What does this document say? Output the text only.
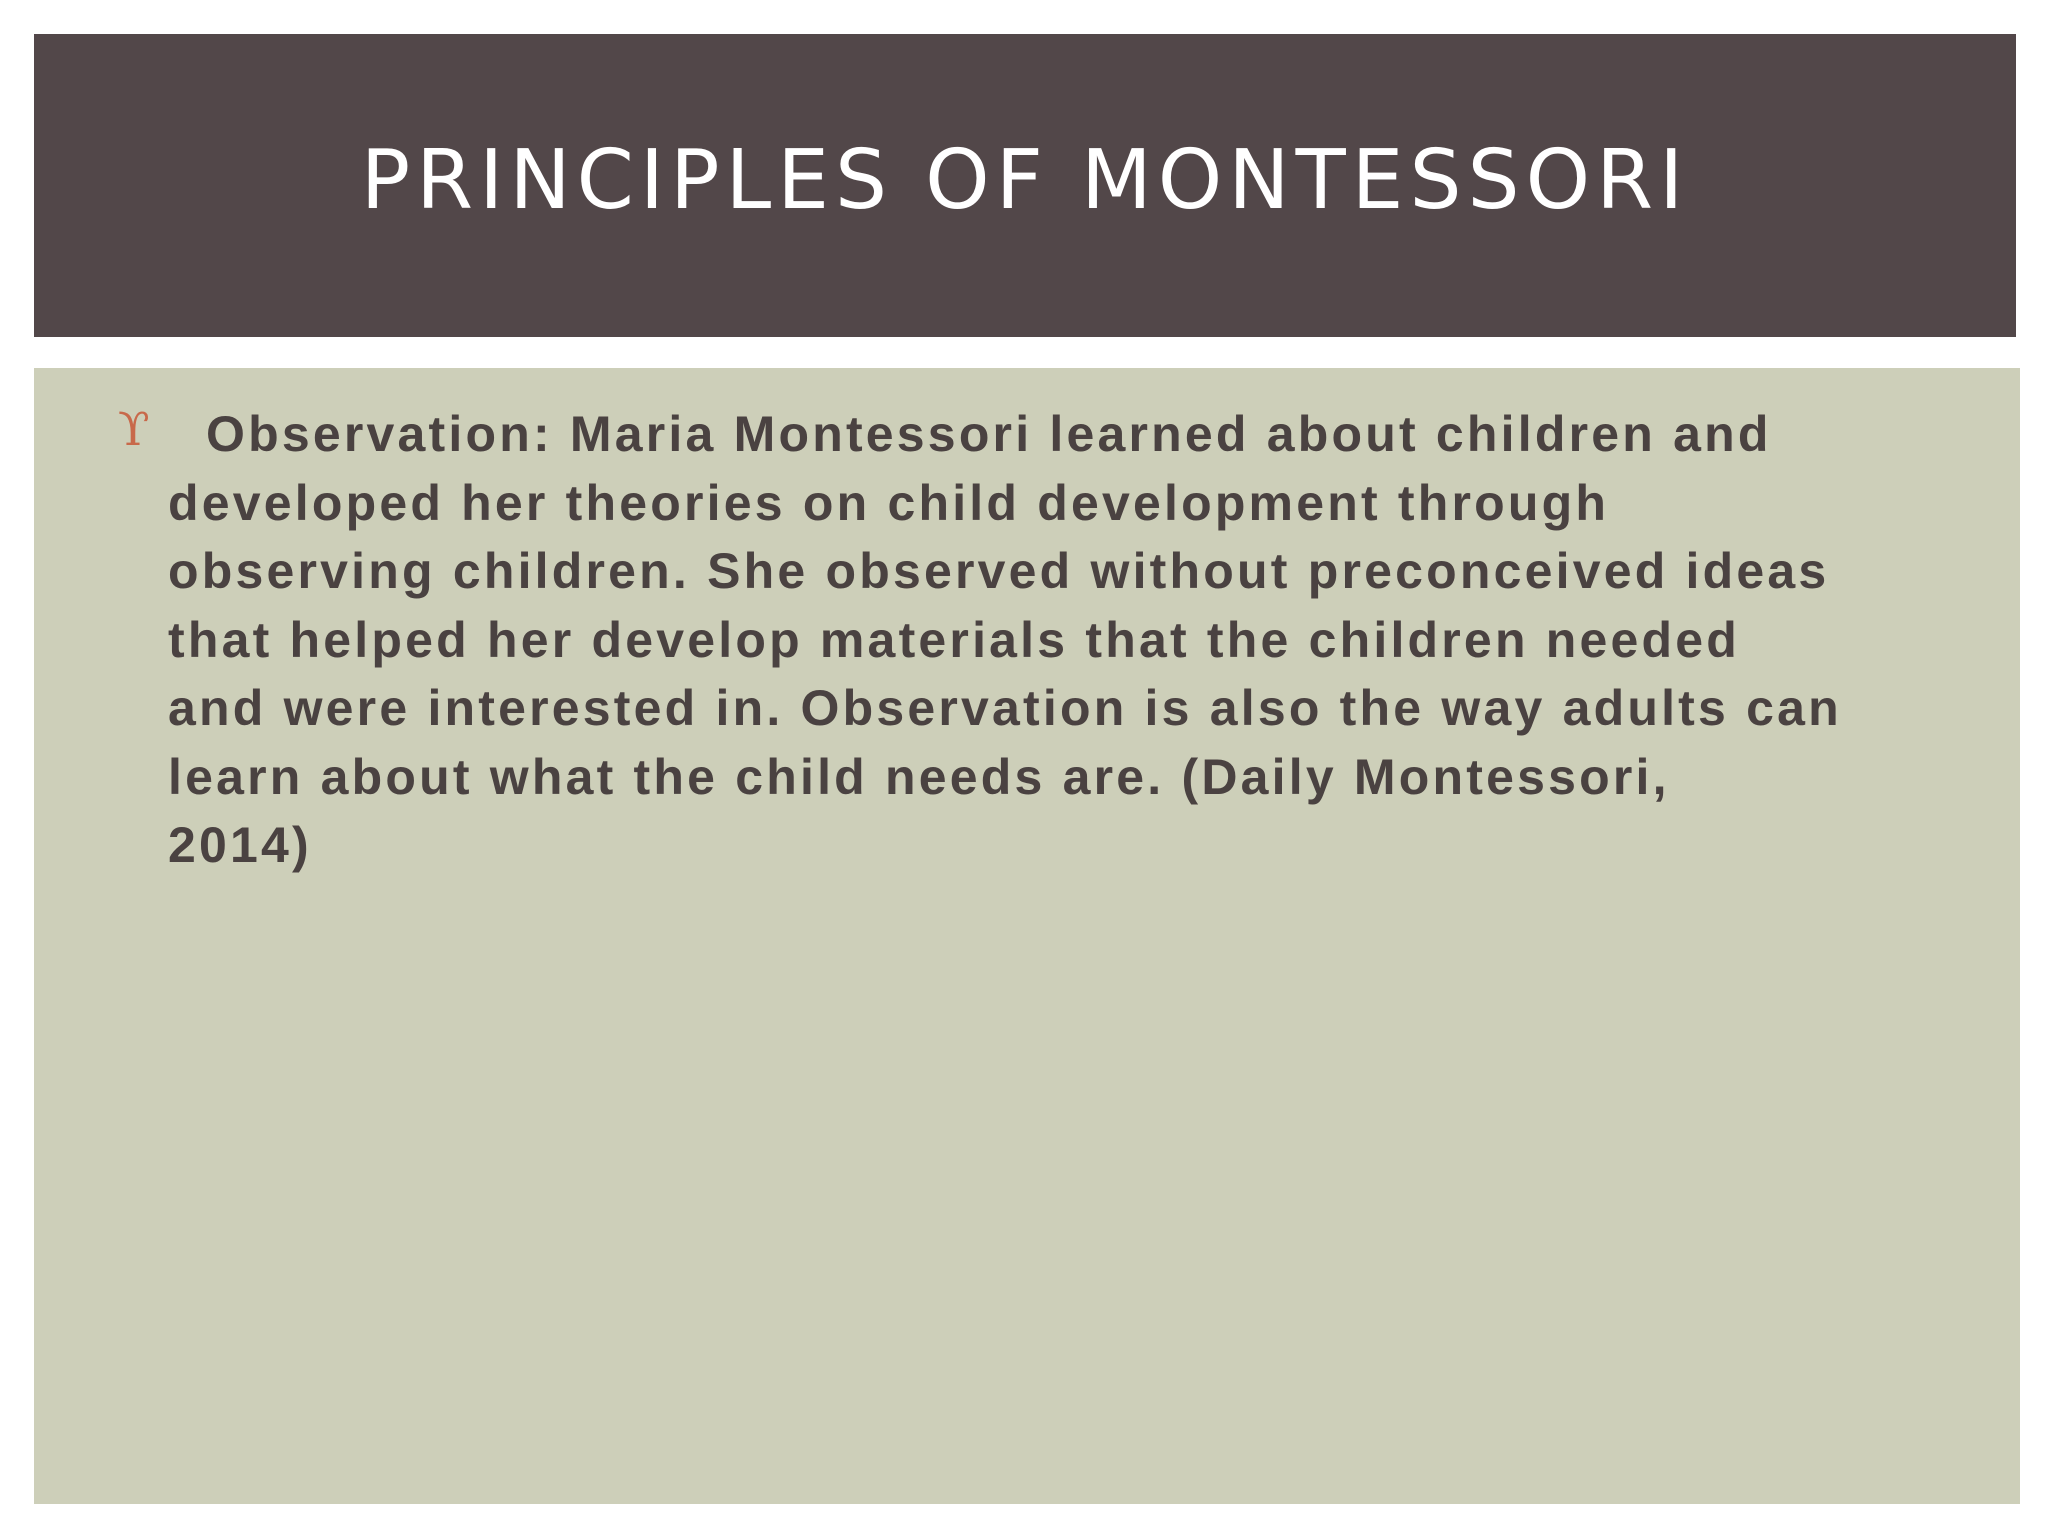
PRINCIPLES OF MONTESSORI
ϒ	Observation: Maria Montessori learned about children and
developed her theories on child development through
observing children. She observed without preconceived ideas
that helped her develop materials that the children needed
and were interested in. Observation is also the way adults can
learn about what the child needs are. (Daily Montessori,
2014)
